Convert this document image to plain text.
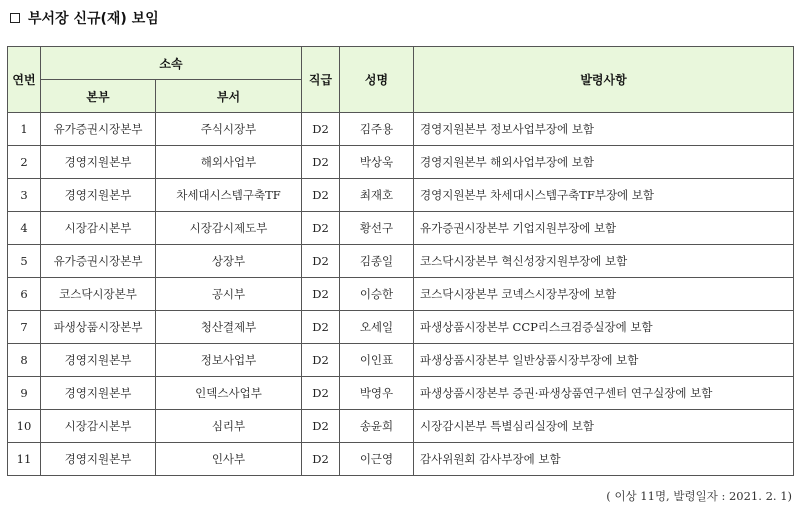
부서장 신규(재) 보임
연번	소속		직급	성명	발령사항
	본부	부서			
1	유가증권시장본부	주식시장부	D2	김주용	경영지원본부 정보사업부장에 보함
2	경영지원본부	해외사업부	D2	박상욱	경영지원본부 해외사업부장에 보함
3	경영지원본부	차세대시스템구축TF	D2	최재호	경영지원본부 차세대시스템구축TF부장에 보함
4	시장감시본부	시장감시제도부	D2	황선구	유가증권시장본부 기업지원부장에 보함
5	유가증권시장본부	상장부	D2	김종일	코스닥시장본부 혁신성장지원부장에 보함
6	코스닥시장본부	공시부	D2	이승한	코스닥시장본부 코넥스시장부장에 보함
7	파생상품시장본부	청산결제부	D2	오세일	파생상품시장본부 CCP리스크검증실장에 보함
8	경영지원본부	정보사업부	D2	이인표	파생상품시장본부 일반상품시장부장에 보함
9	경영지원본부	인덱스사업부	D2	박영우	파생상품시장본부 증권·파생상품연구센터 연구실장에 보함
10	시장감시본부	심리부	D2	송윤희	시장감시본부 특별심리실장에 보함
11	경영지원본부	인사부	D2	이근영	감사위원회 감사부장에 보함
( 이상 11명, 발령일자 : 2021. 2. 1)
